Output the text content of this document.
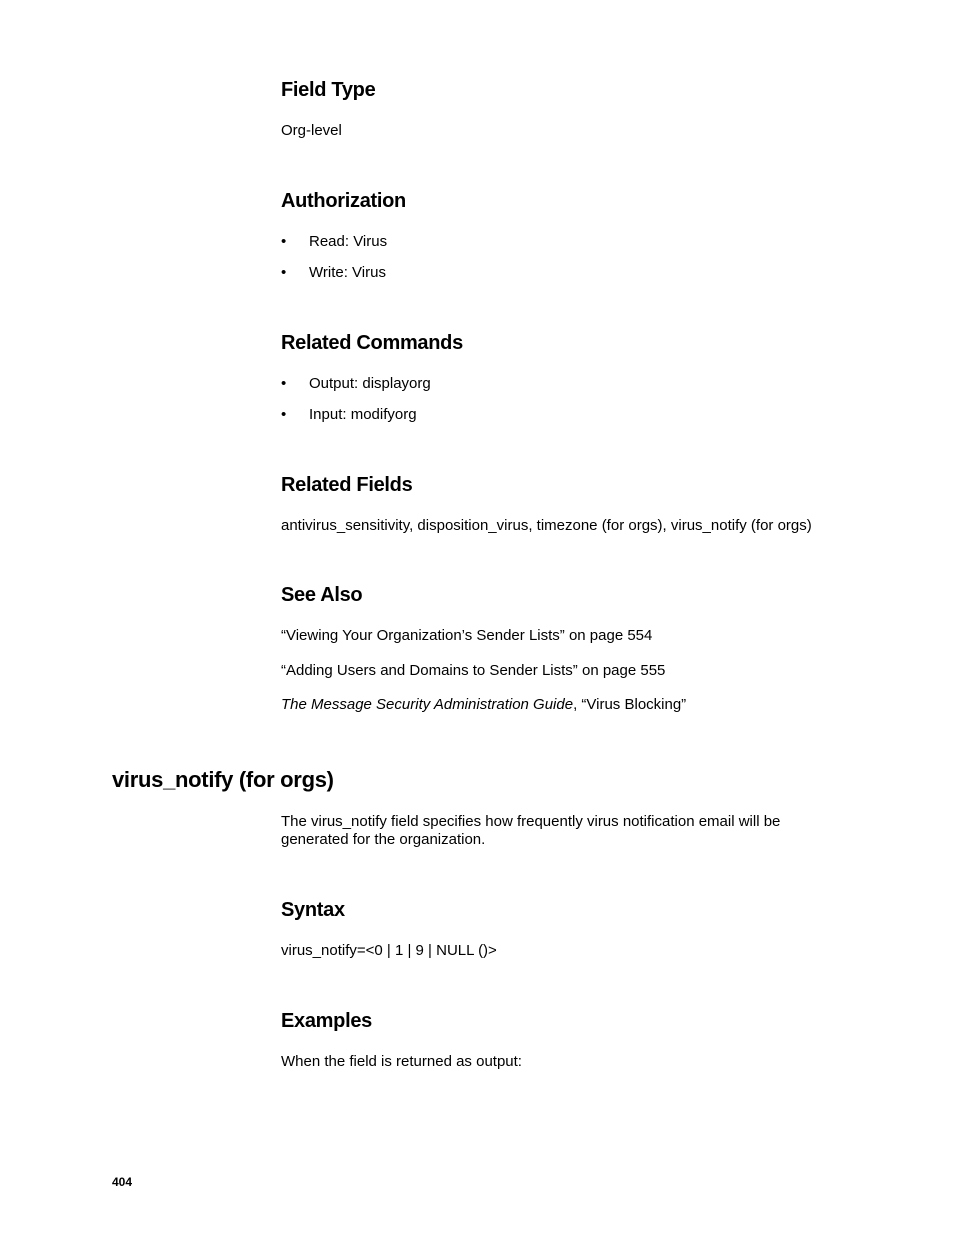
Field Type

Org-level

Authorization
• Read: Virus
• Write: Virus
Related Commands
• Output: displayorg
• Input: modifyorg
Related Fields

antivirus_sensitivity, disposition_virus, timezone (for orgs), virus_notify (for orgs)

See Also

“Viewing Your Organization’s Sender Lists” on page 554

“Adding Users and Domains to Sender Lists” on page 555

The Message Security Administration Guide, “Virus Blocking”

virus_notify (for orgs)

The virus_notify field specifies how frequently virus notification email will be generated for the organization.

Syntax

virus_notify=<0 | 1 | 9 | NULL ()>

Examples

When the field is returned as output:

404
